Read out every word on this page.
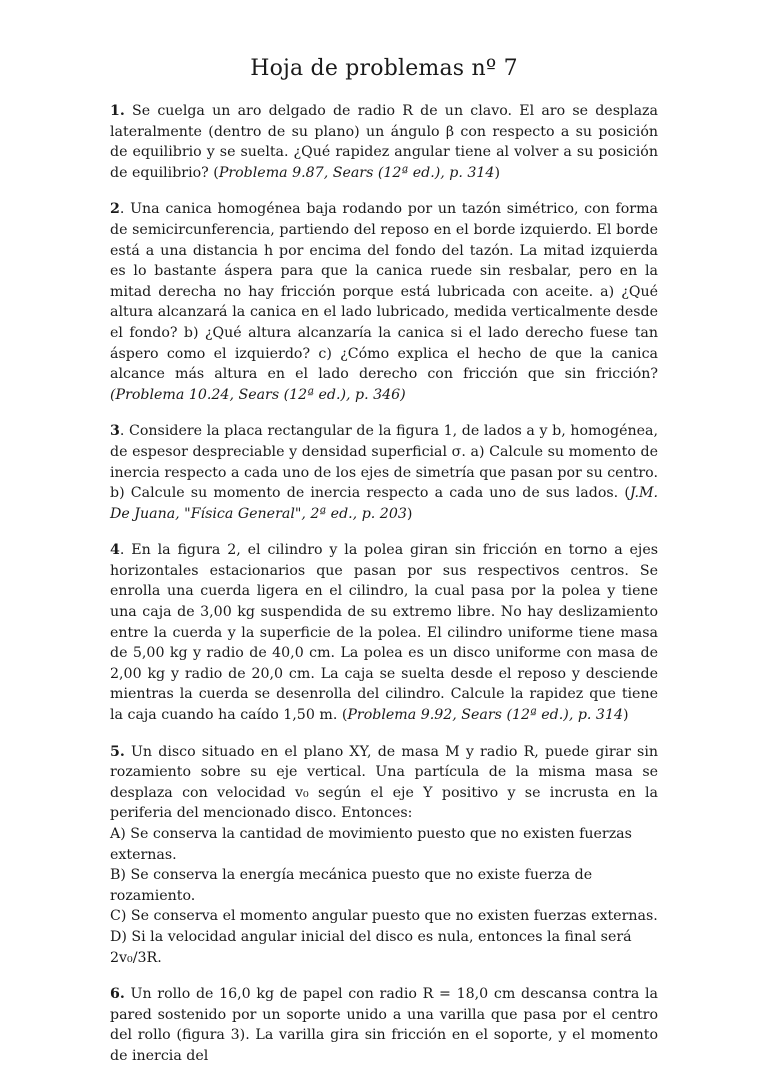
Hoja de problemas nº 7

1. Se cuelga un aro delgado de radio R de un clavo. El aro se desplaza lateralmente (dentro de su plano) un ángulo β con respecto a su posición de equilibrio y se suelta. ¿Qué rapidez angular tiene al volver a su posición de equilibrio? (Problema 9.87, Sears (12ª ed.), p. 314)

2. Una canica homogénea baja rodando por un tazón simétrico, con forma de semicircunferencia, partiendo del reposo en el borde izquierdo. El borde está a una distancia h por encima del fondo del tazón. La mitad izquierda es lo bastante áspera para que la canica ruede sin resbalar, pero en la mitad derecha no hay fricción porque está lubricada con aceite. a) ¿Qué altura alcanzará la canica en el lado lubricado, medida verticalmente desde el fondo? b) ¿Qué altura alcanzaría la canica si el lado derecho fuese tan áspero como el izquierdo? c) ¿Cómo explica el hecho de que la canica alcance más altura en el lado derecho con fricción que sin fricción? (Problema 10.24, Sears (12ª ed.), p. 346)

3. Considere la placa rectangular de la figura 1, de lados a y b, homogénea, de espesor despreciable y densidad superficial σ. a) Calcule su momento de inercia respecto a cada uno de los ejes de simetría que pasan por su centro. b) Calcule su momento de inercia respecto a cada uno de sus lados. (J.M. De Juana, "Física General", 2ª ed., p. 203)

4. En la figura 2, el cilindro y la polea giran sin fricción en torno a ejes horizontales estacionarios que pasan por sus respectivos centros. Se enrolla una cuerda ligera en el cilindro, la cual pasa por la polea y tiene una caja de 3,00 kg suspendida de su extremo libre. No hay deslizamiento entre la cuerda y la superficie de la polea. El cilindro uniforme tiene masa de 5,00 kg y radio de 40,0 cm. La polea es un disco uniforme con masa de 2,00 kg y radio de 20,0 cm. La caja se suelta desde el reposo y desciende mientras la cuerda se desenrolla del cilindro. Calcule la rapidez que tiene la caja cuando ha caído 1,50 m. (Problema 9.92, Sears (12ª ed.), p. 314)

5. Un disco situado en el plano XY, de masa M y radio R, puede girar sin rozamiento sobre su eje vertical. Una partícula de la misma masa se desplaza con velocidad v₀ según el eje Y positivo y se incrusta en la periferia del mencionado disco. Entonces:
A) Se conserva la cantidad de movimiento puesto que no existen fuerzas externas.
B) Se conserva la energía mecánica puesto que no existe fuerza de rozamiento.
C) Se conserva el momento angular puesto que no existen fuerzas externas.
D) Si la velocidad angular inicial del disco es nula, entonces la final será 2v₀/3R.

6. Un rollo de 16,0 kg de papel con radio R = 18,0 cm descansa contra la pared sostenido por un soporte unido a una varilla que pasa por el centro del rollo (figura 3). La varilla gira sin fricción en el soporte, y el momento de inercia del
